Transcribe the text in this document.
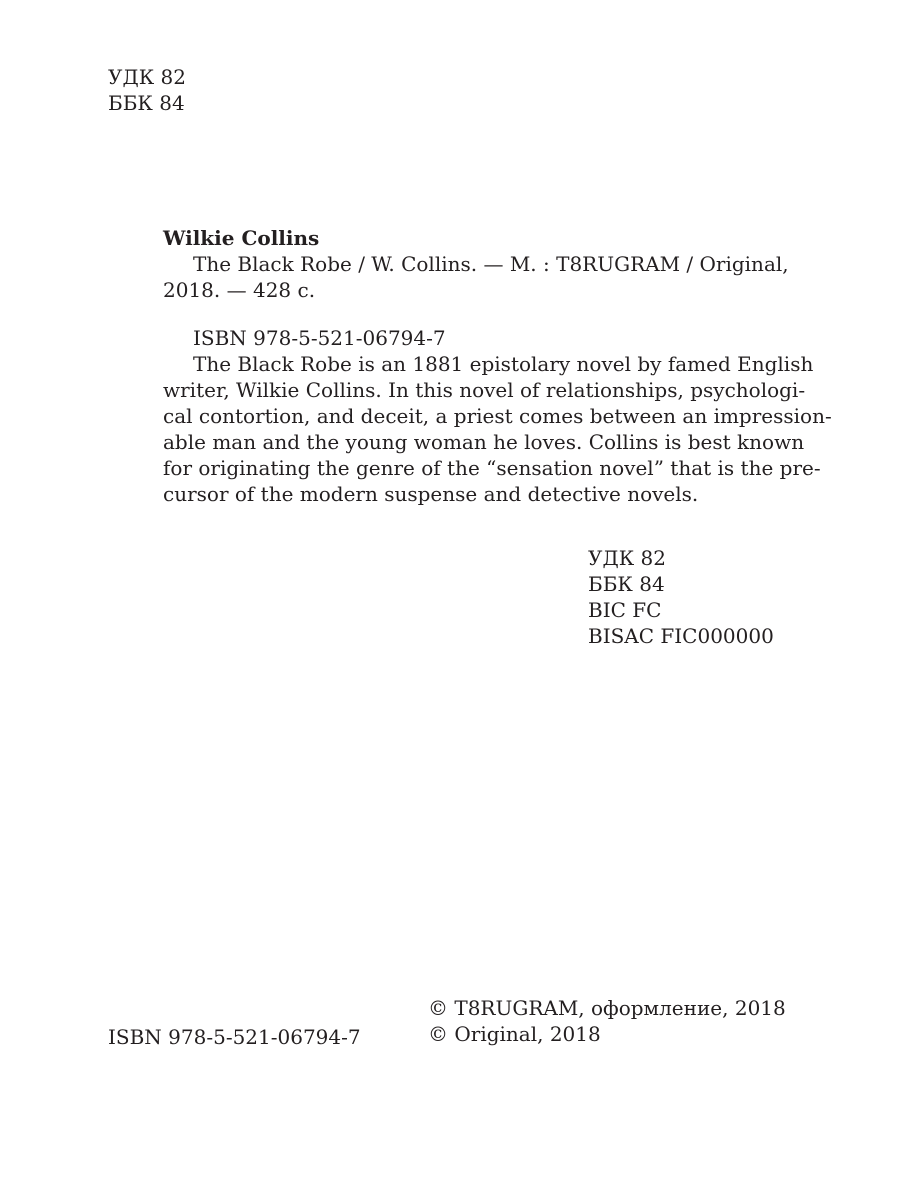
УДК 82
ББК 84
Wilkie Collins
The Black Robe / W. Collins. — M. : T8RUGRAM / Original,
2018. — 428 с.
ISBN 978-5-521-06794-7
The Black Robe is an 1881 epistolary novel by famed English
writer, Wilkie Collins. In this novel of relationships, psychologi-
cal contortion, and deceit, a priest comes between an impression-
able man and the young woman he loves. Collins is best known
for originating the genre of the “sensation novel” that is the pre-
cursor of the modern suspense and detective novels.
УДК 82
ББК 84
BIC FC
BISAC FIC000000
© T8RUGRAM, оформление, 2018
© Original, 2018
ISBN 978-5-521-06794-7
